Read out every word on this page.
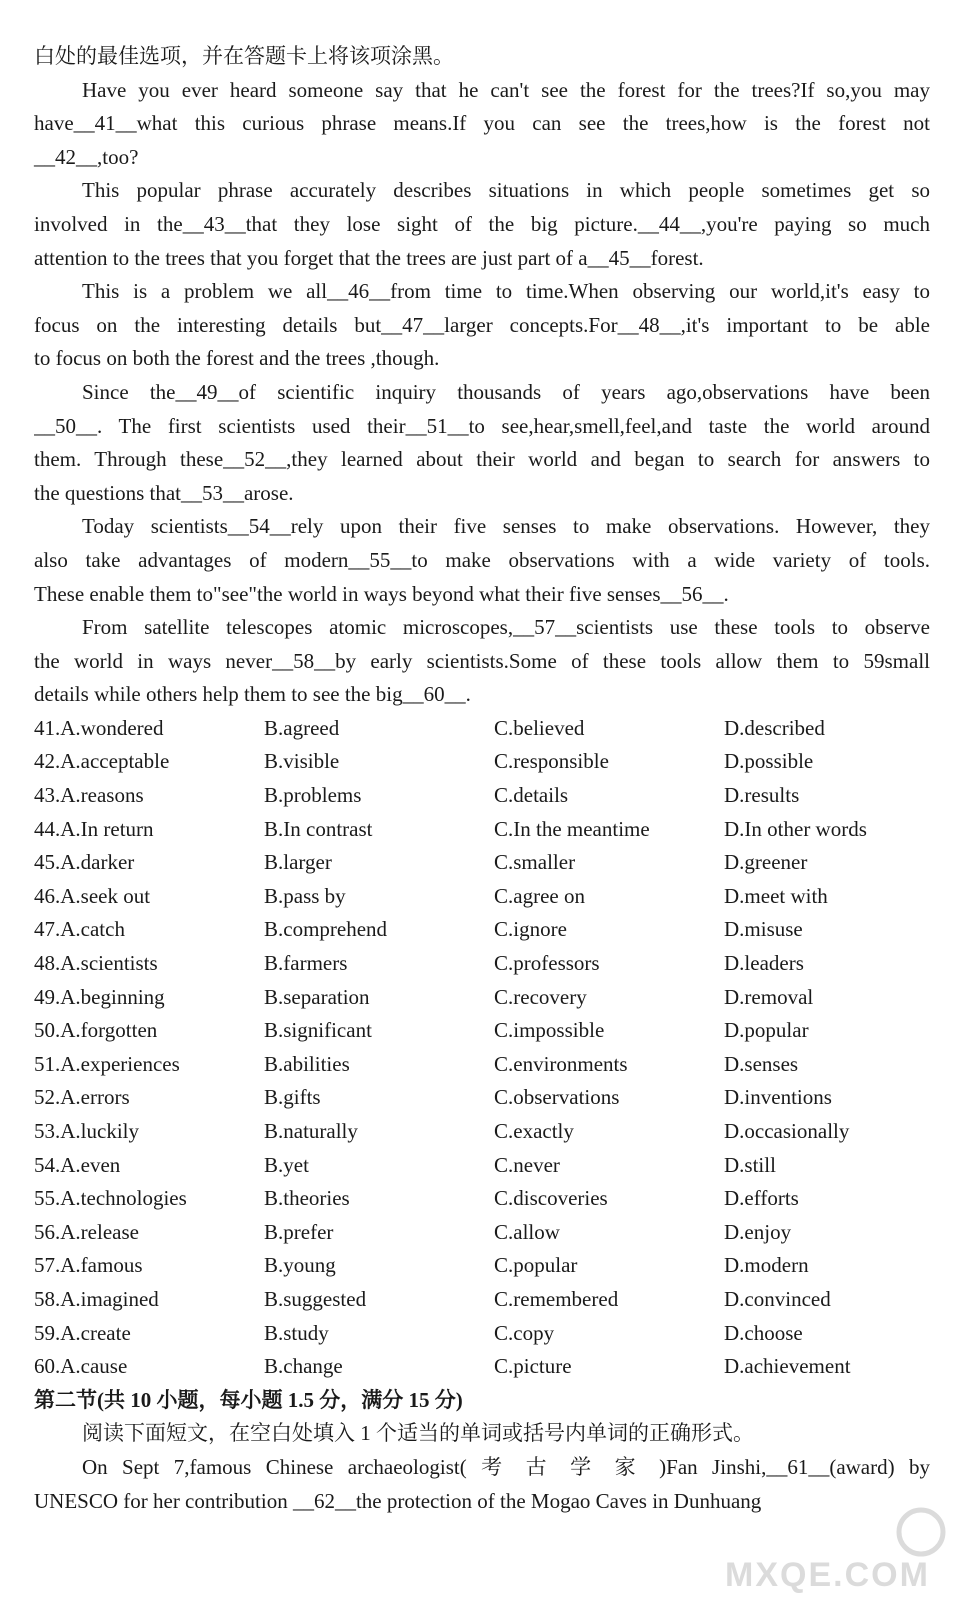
白处的最佳选项，并在答题卡上将该项涂黑。
Have you ever heard someone say that he can't see the forest for the trees?If so,you may
have__41__what this curious phrase means.If you can see the trees,how is the forest not
__42__,too?
This popular phrase accurately describes situations in which people sometimes get so
involved in the__43__that they lose sight of the big picture.__44__,you're paying so much
attention to the trees that you forget that the trees are just part of a__45__forest.
This is a problem we all__46__from time to time.When observing our world,it's easy to
focus on the interesting details but__47__larger concepts.For__48__,it's important to be able
to focus on both the forest and the trees ,though.
Since the__49__of scientific inquiry thousands of years ago,observations have been
__50__. The first scientists used their__51__to see,hear,smell,feel,and taste the world around
them. Through these__52__,they learned about their world and began to search for answers to
the questions that__53__arose.
Today scientists__54__rely upon their five senses to make observations. However, they
also take advantages of modern__55__to make observations with a wide variety of tools.
These enable them to"see"the world in ways beyond what their five senses__56__.
From satellite telescopes atomic microscopes,__57__scientists use these tools to observe
the world in ways never__58__by early scientists.Some of these tools allow them to 59small
details while others help them to see the big__60__.
41.A.wondered	B.agreed	C.believed	D.described
42.A.acceptable	B.visible	C.responsible	D.possible
43.A.reasons	B.problems	C.details	D.results
44.A.In return	B.In contrast	C.In the meantime	D.In other words
45.A.darker	B.larger	C.smaller	D.greener
46.A.seek out	B.pass by	C.agree on	D.meet with
47.A.catch	B.comprehend	C.ignore	D.misuse
48.A.scientists	B.farmers	C.professors	D.leaders
49.A.beginning	B.separation	C.recovery	D.removal
50.A.forgotten	B.significant	C.impossible	D.popular
51.A.experiences	B.abilities	C.environments	D.senses
52.A.errors	B.gifts	C.observations	D.inventions
53.A.luckily	B.naturally	C.exactly	D.occasionally
54.A.even	B.yet	C.never	D.still
55.A.technologies	B.theories	C.discoveries	D.efforts
56.A.release	B.prefer	C.allow	D.enjoy
57.A.famous	B.young	C.popular	D.modern
58.A.imagined	B.suggested	C.remembered	D.convinced
59.A.create	B.study	C.copy	D.choose
60.A.cause	B.change	C.picture	D.achievement
第二节(共 10 小题，每小题 1.5 分，满分 15 分)
阅读下面短文，在空白处填入 1 个适当的单词或括号内单词的正确形式。
On Sept 7,famous Chinese archaeologist( 考 古 学 家 )Fan Jinshi,__61__(award) by
UNESCO for her contribution __62__the protection of the Mogao Caves in Dunhuang
MXQE.COM
